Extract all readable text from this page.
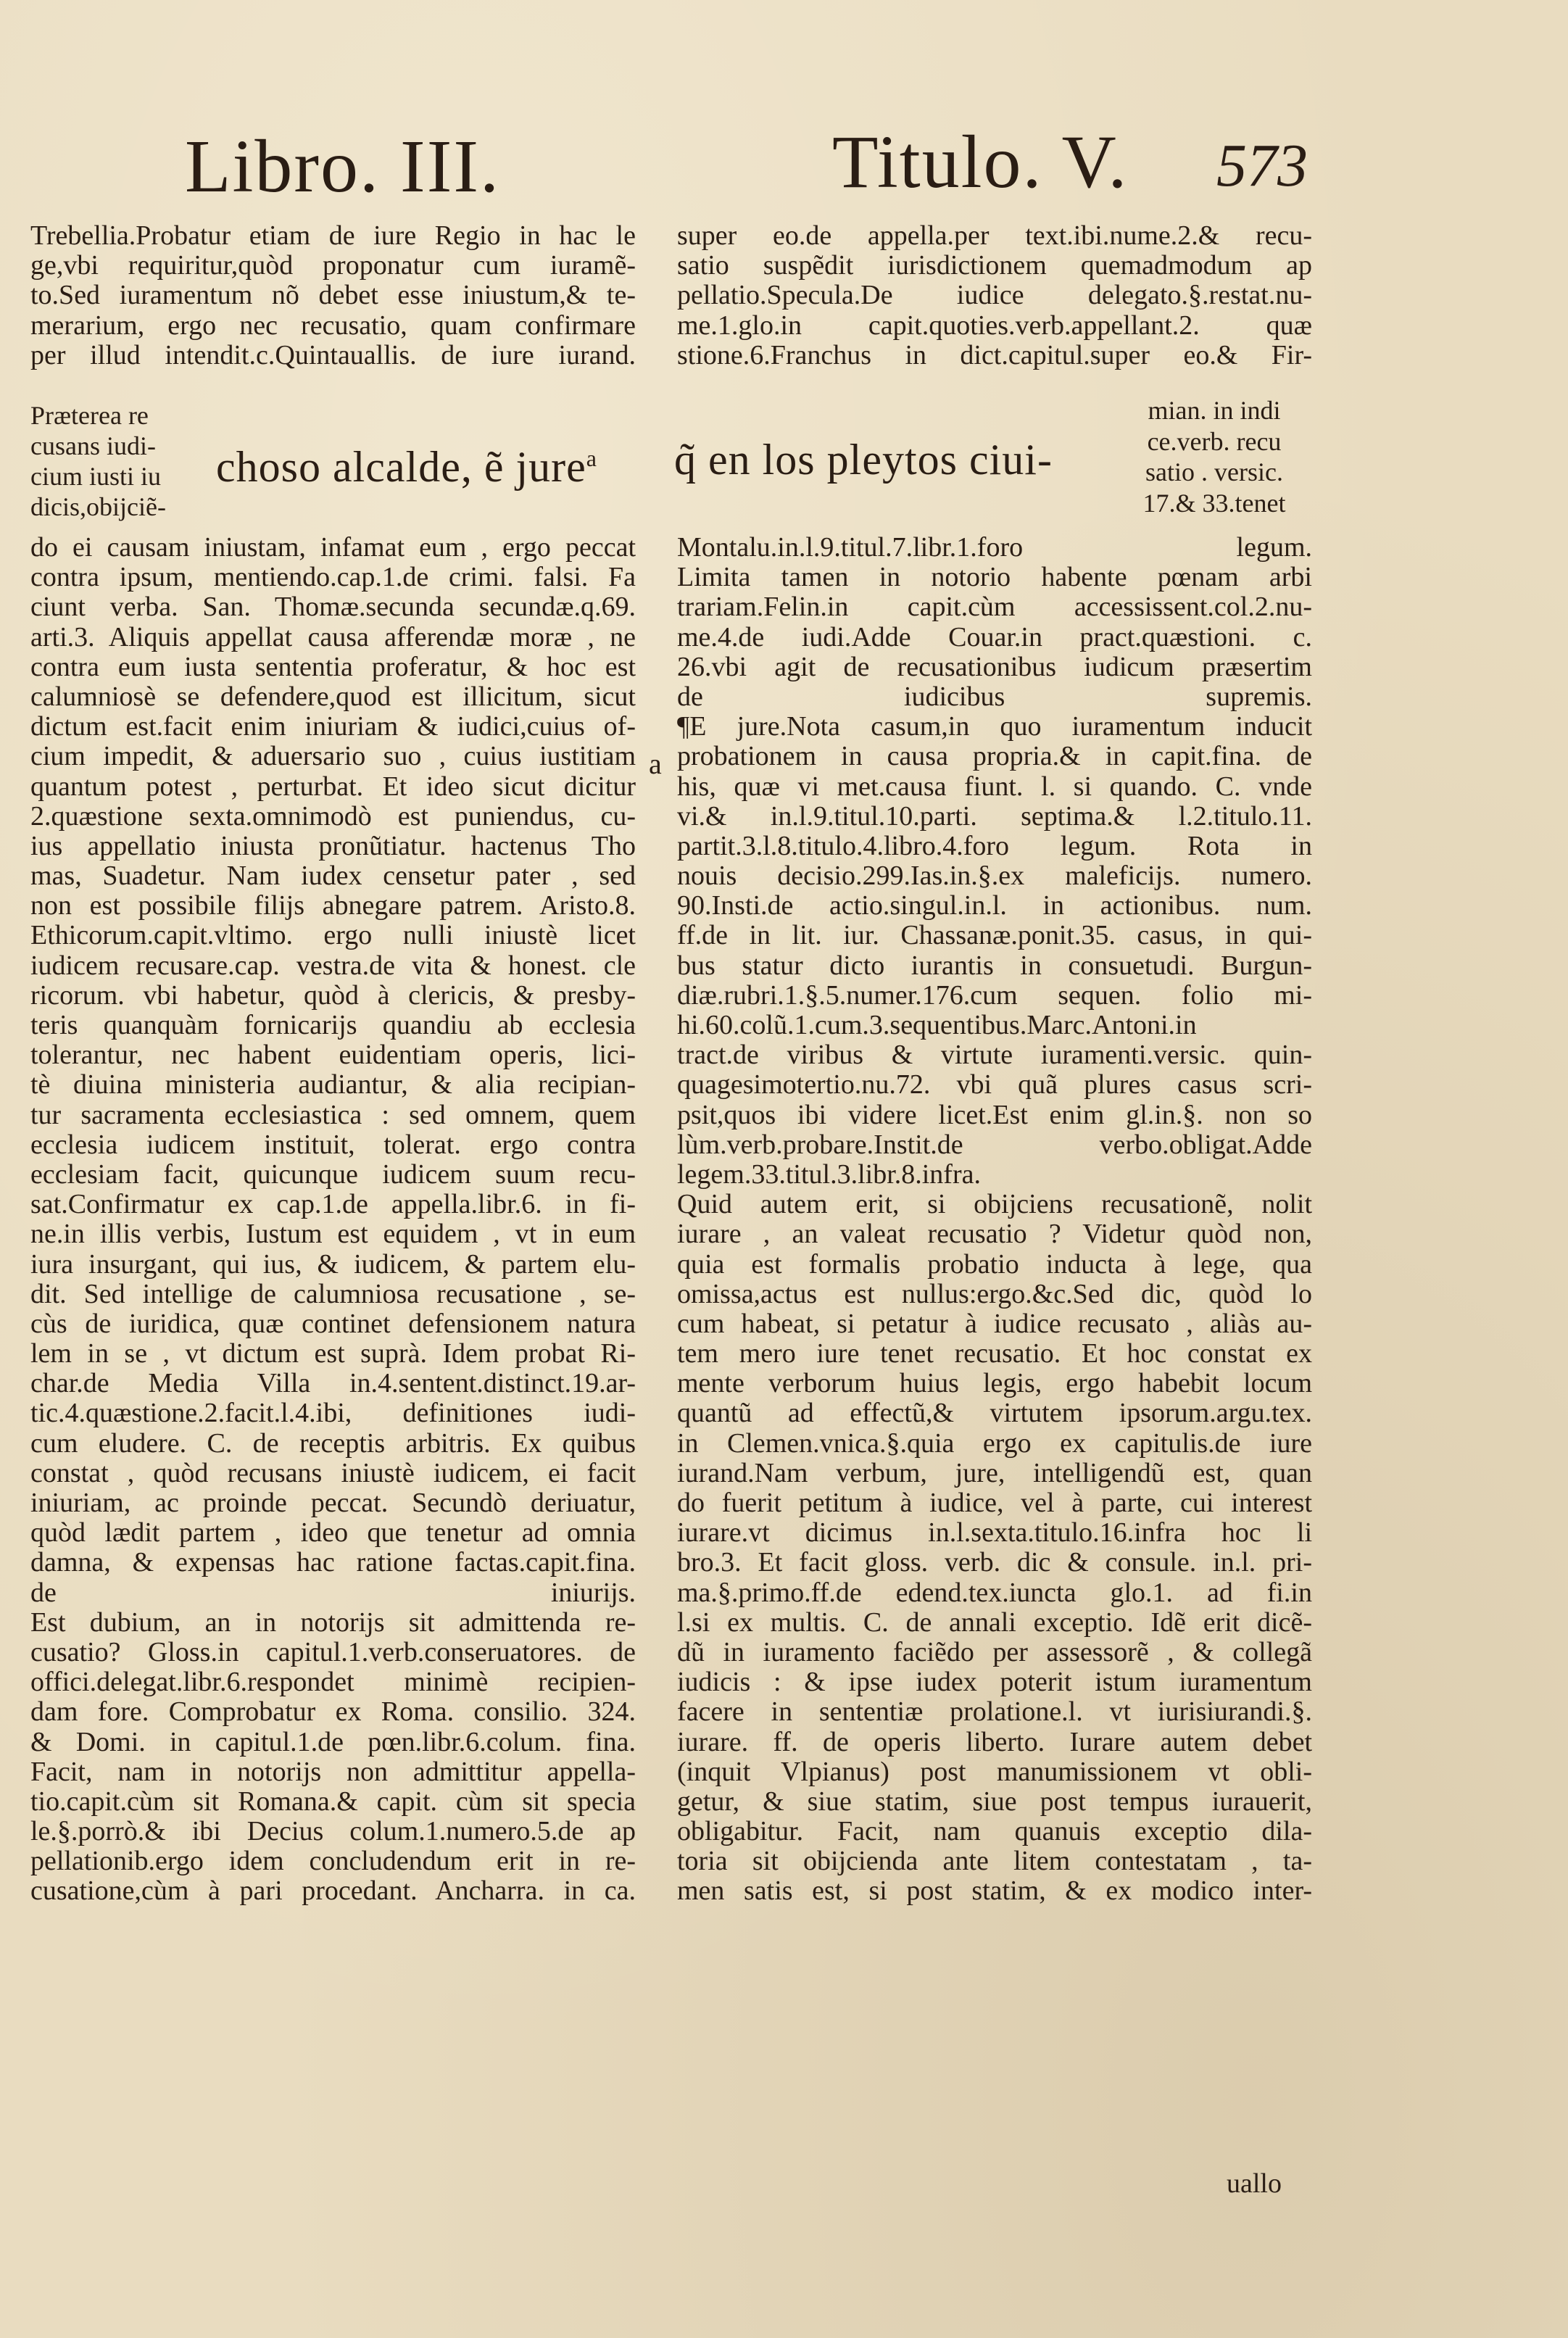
Libro. III.	Titulo. V. 573
Trebellia.Probatur etiam de iure Regio in hac le
ge,vbi requiritur,quòd proponatur cum iuramẽ-
to.Sed iuramentum nõ debet esse iniustum,& te-
merarium, ergo nec recusatio, quam confirmare
per illud intendit.c.Quintauallis. de iure iurand.
Præterea re
cusans iudi-
cium iusti iu
dicis,obijciẽ-
choso alcalde, ẽ jure$^a$
do ei causam iniustam, infamat eum , ergo peccat
contra ipsum, mentiendo.cap.1.de crimi. falsi. Fa
ciunt verba. San. Thomæ.secunda secundæ.q.69.
arti.3. Aliquis appellat causa afferendæ moræ , ne
contra eum iusta sententia proferatur, & hoc est
calumniosè se defendere,quod est illicitum, sicut
dictum est.facit enim iniuriam & iudici,cuius of-
cium impedit, & aduersario suo , cuius iustitiam
quantum potest , perturbat. Et ideo sicut dicitur
2.quæstione sexta.omnimodò est puniendus, cu-
ius appellatio iniusta pronũtiatur. hactenus Tho
mas, Suadetur. Nam iudex censetur pater , sed
non est possibile filijs abnegare patrem. Aristo.8.
Ethicorum.capit.vltimo. ergo nulli iniustè licet
iudicem recusare.cap. vestra.de vita & honest. cle
ricorum. vbi habetur, quòd à clericis, & presby-
teris quanquàm fornicarijs quandiu ab ecclesia
tolerantur, nec habent euidentiam operis, lici-
tè diuina ministeria audiantur, & alia recipian-
tur sacramenta ecclesiastica : sed omnem, quem
ecclesia iudicem instituit, tolerat. ergo contra
ecclesiam facit, quicunque iudicem suum recu-
sat.Confirmatur ex cap.1.de appella.libr.6. in fi-
ne.in illis verbis, Iustum est equidem , vt in eum
iura insurgant, qui ius, & iudicem, & partem elu-
dit. Sed intellige de calumniosa recusatione , se-
cùs de iuridica, quæ continet defensionem natura
lem in se , vt dictum est suprà. Idem probat Ri-
char.de Media Villa in.4.sentent.distinct.19.ar-
tic.4.quæstione.2.facit.l.4.ibi, definitiones iudi-
cum eludere. C. de receptis arbitris. Ex quibus
constat , quòd recusans iniustè iudicem, ei facit
iniuriam, ac proinde peccat. Secundò deriuatur,
quòd lædit partem , ideo que tenetur ad omnia
damna, & expensas hac ratione factas.capit.fina.
de iniurijs.
Est dubium, an in notorijs sit admittenda re-
cusatio? Gloss.in capitul.1.verb.conseruatores. de
offici.delegat.libr.6.respondet minimè recipien-
dam fore. Comprobatur ex Roma. consilio. 324.
& Domi. in capitul.1.de pœn.libr.6.colum. fina.
Facit, nam in notorijs non admittitur appella-
tio.capit.cùm sit Romana.& capit. cùm sit specia
le.§.porrò.& ibi Decius colum.1.numero.5.de ap
pellationib.ergo idem concludendum erit in re-
cusatione,cùm à pari procedant. Ancharra. in ca.
super eo.de appella.per text.ibi.nume.2.& recu-
satio suspẽdit iurisdictionem quemadmodum ap
pellatio.Specula.De iudice delegato.§.restat.nu-
me.1.glo.in capit.quoties.verb.appellant.2. quæ
stione.6.Franchus in dict.capitul.super eo.& Fir-
q̃ en los pleytos ciui-
mian. in indi
ce.verb. recu
satio . versic.
17.& 33.tenet
a
Montalu.in.l.9.titul.7.libr.1.foro legum.
Limita tamen in notorio habente pœnam arbi
trariam.Felin.in capit.cùm accessissent.col.2.nu-
me.4.de iudi.Adde Couar.in pract.quæstioni. c.
26.vbi agit de recusationibus iudicum præsertim
de iudicibus supremis.
¶E jure.Nota casum,in quo iuramentum inducit
probationem in causa propria.& in capit.fina. de
his, quæ vi met.causa fiunt. l. si quando. C. vnde
vi.& in.l.9.titul.10.parti. septima.& l.2.titulo.11.
partit.3.l.8.titulo.4.libro.4.foro legum. Rota in
nouis decisio.299.Ias.in.§.ex maleficijs. numero.
90.Insti.de actio.singul.in.l. in actionibus. num.
ff.de in lit. iur. Chassanæ.ponit.35. casus, in qui-
bus statur dicto iurantis in consuetudi. Burgun-
diæ.rubri.1.§.5.numer.176.cum sequen. folio mi-
hi.60.colũ.1.cum.3.sequentibus.Marc.Antoni.in
tract.de viribus & virtute iuramenti.versic. quin-
quagesimotertio.nu.72. vbi quã plures casus scri-
psit,quos ibi videre licet.Est enim gl.in.§. non so
lùm.verb.probare.Instit.de verbo.obligat.Adde
legem.33.titul.3.libr.8.infra.
Quid autem erit, si obijciens recusationẽ, nolit
iurare , an valeat recusatio ? Videtur quòd non,
quia est formalis probatio inducta à lege, qua
omissa,actus est nullus:ergo.&c.Sed dic, quòd lo
cum habeat, si petatur à iudice recusato , aliàs au-
tem mero iure tenet recusatio. Et hoc constat ex
mente verborum huius legis, ergo habebit locum
quantũ ad effectũ,& virtutem ipsorum.argu.tex.
in Clemen.vnica.§.quia ergo ex capitulis.de iure
iurand.Nam verbum, jure, intelligendũ est, quan
do fuerit petitum à iudice, vel à parte, cui interest
iurare.vt dicimus in.l.sexta.titulo.16.infra hoc li
bro.3. Et facit gloss. verb. dic & consule. in.l. pri-
ma.§.primo.ff.de edend.tex.iuncta glo.1. ad fi.in
l.si ex multis. C. de annali exceptio. Idẽ erit dicẽ-
dũ in iuramento faciẽdo per assessorẽ , & collegã
iudicis : & ipse iudex poterit istum iuramentum
facere in sententiæ prolatione.l. vt iurisiurandi.§.
iurare. ff. de operis liberto. Iurare autem debet
(inquit Vlpianus) post manumissionem vt obli-
getur, & siue statim, siue post tempus iurauerit,
obligabitur. Facit, nam quanuis exceptio dila-
toria sit obijcienda ante litem contestatam , ta-
men satis est, si post statim, & ex modico inter-
uallo
